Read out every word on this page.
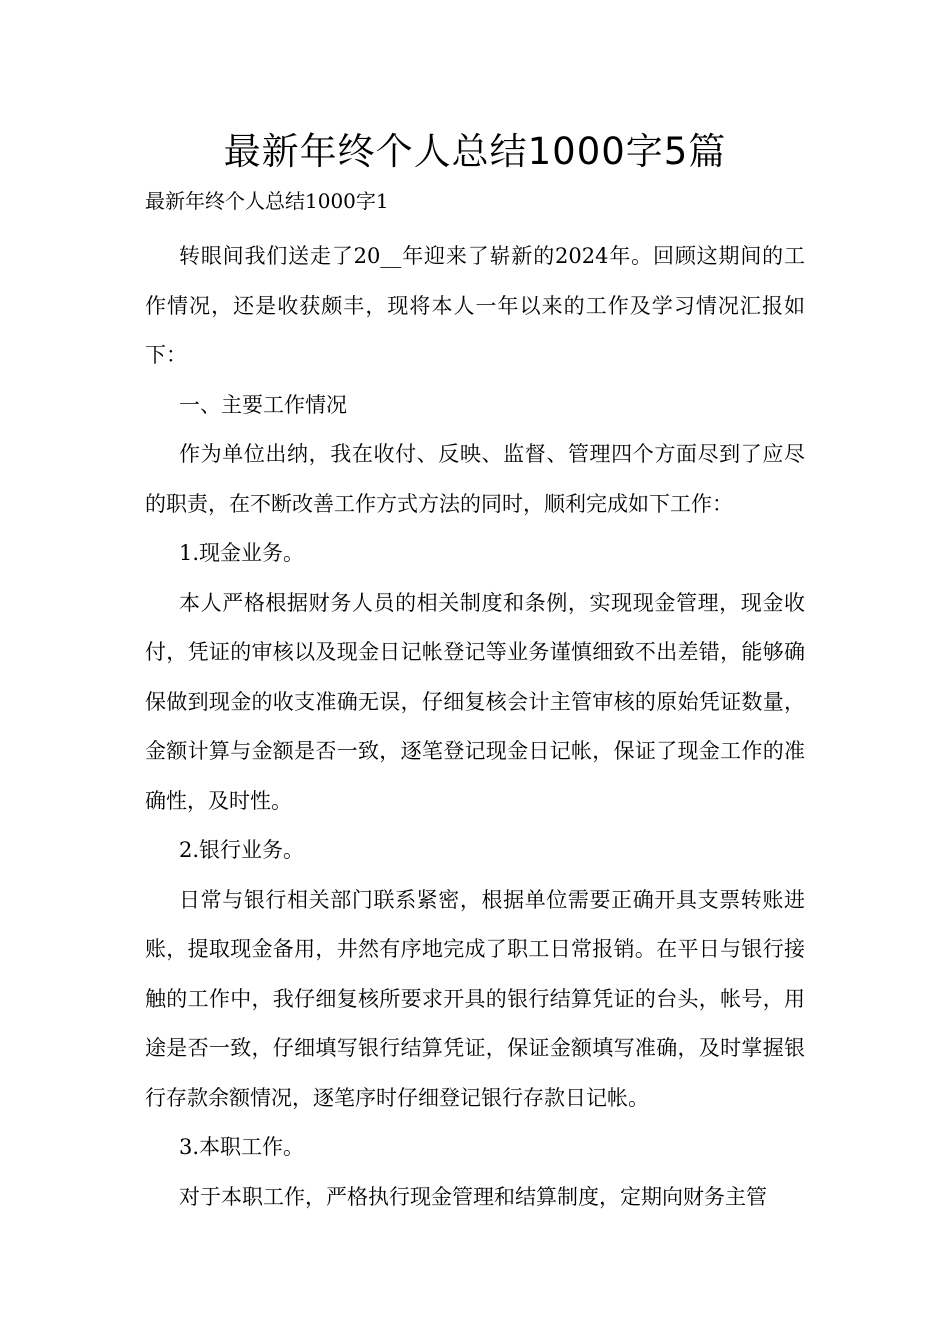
最新年终个人总结1000字5篇

最新年终个人总结1000字1

转眼间我们送走了20__年迎来了崭新的2024年。回顾这期间的工作情况，还是收获颇丰，现将本人一年以来的工作及学习情况汇报如下：

一、主要工作情况

作为单位出纳，我在收付、反映、监督、管理四个方面尽到了应尽的职责，在不断改善工作方式方法的同时，顺利完成如下工作：

1.现金业务。

本人严格根据财务人员的相关制度和条例，实现现金管理，现金收付，凭证的审核以及现金日记帐登记等业务谨慎细致不出差错，能够确保做到现金的收支准确无误，仔细复核会计主管审核的原始凭证数量，金额计算与金额是否一致，逐笔登记现金日记帐，保证了现金工作的准确性，及时性。

2.银行业务。

日常与银行相关部门联系紧密，根据单位需要正确开具支票转账进账，提取现金备用，井然有序地完成了职工日常报销。在平日与银行接触的工作中，我仔细复核所要求开具的银行结算凭证的台头，帐号，用途是否一致，仔细填写银行结算凭证，保证金额填写准确，及时掌握银行存款余额情况，逐笔序时仔细登记银行存款日记帐。

3.本职工作。

对于本职工作，严格执行现金管理和结算制度，定期向财务主管
